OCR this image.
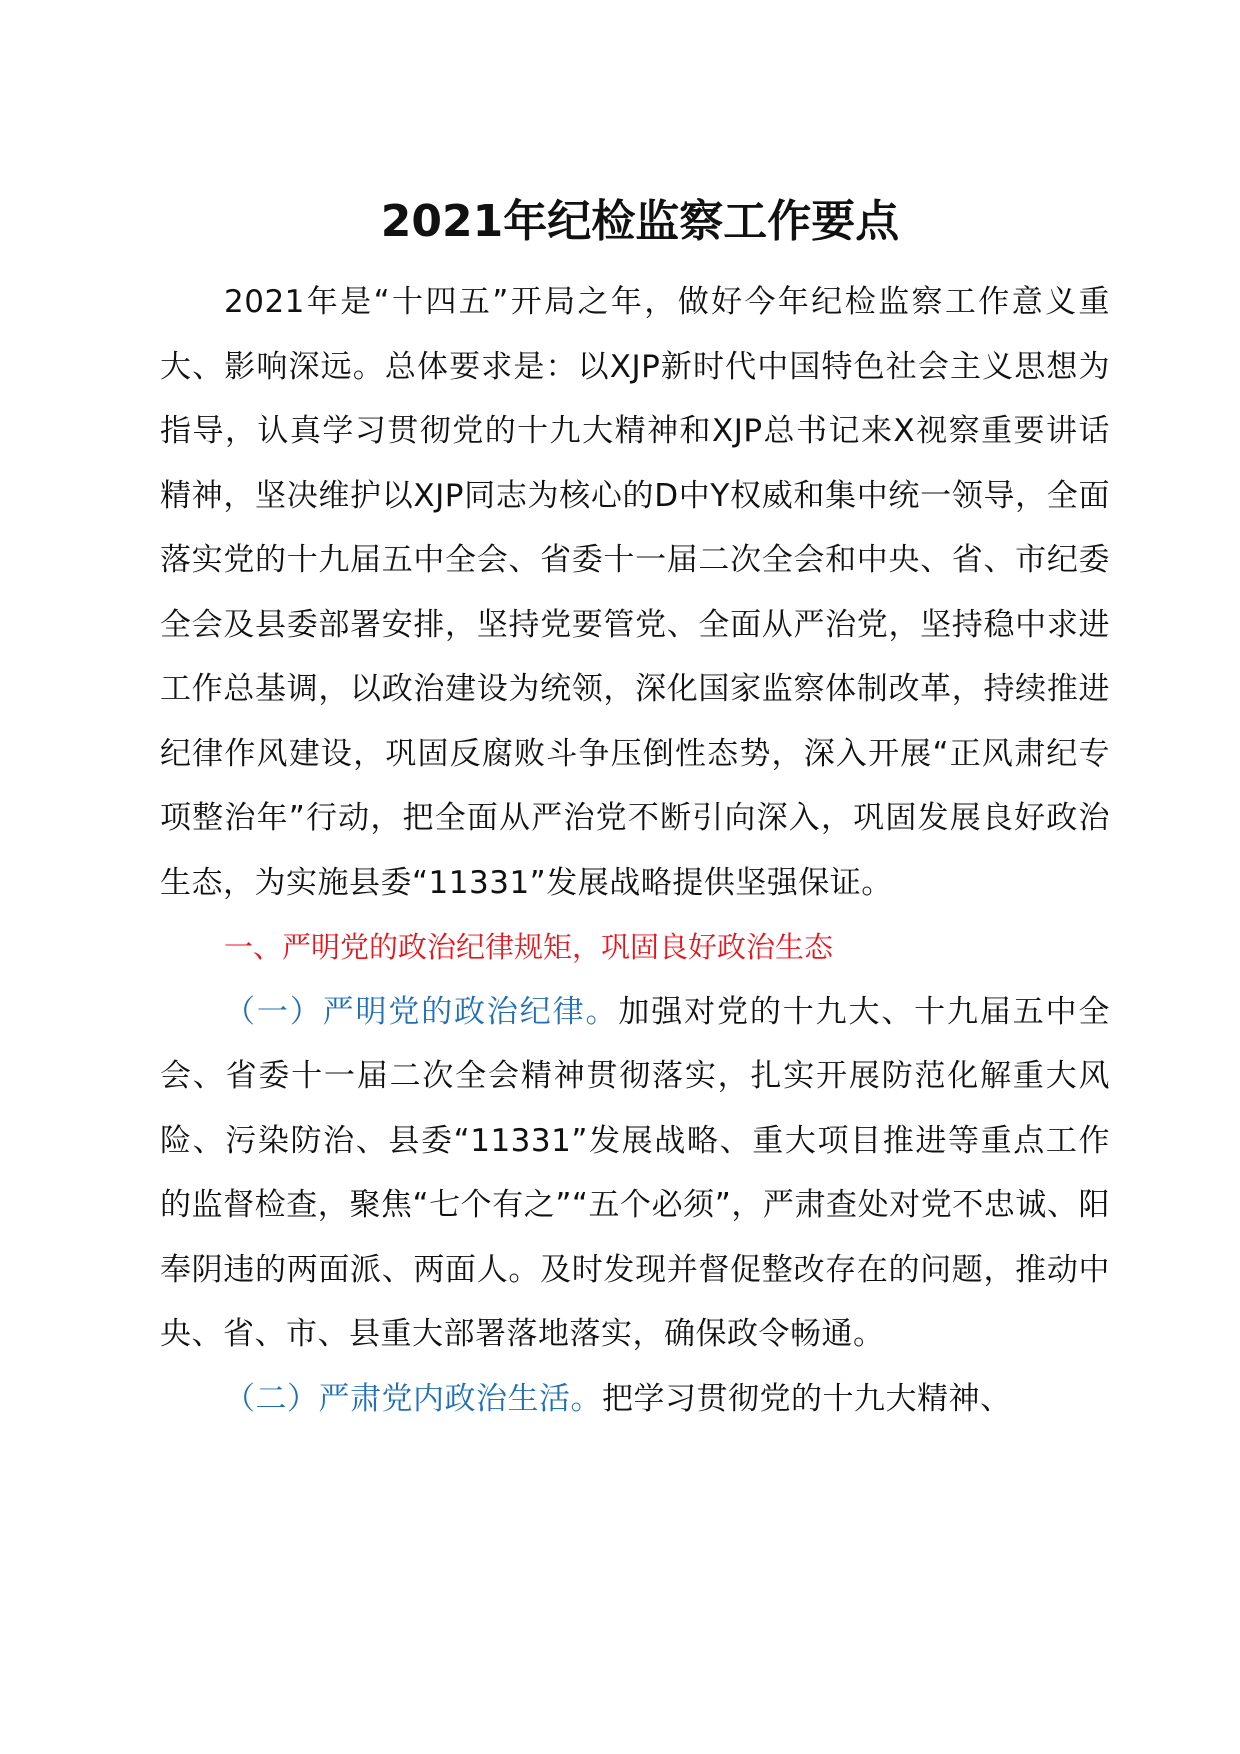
2021年纪检监察工作要点

2021年是“十四五”开局之年，做好今年纪检监察工作意义重大、影响深远。总体要求是：以XJP新时代中国特色社会主义思想为指导，认真学习贯彻党的十九大精神和XJP总书记来X视察重要讲话精神，坚决维护以XJP同志为核心的D中Y权威和集中统一领导，全面落实党的十九届五中全会、省委十一届二次全会和中央、省、市纪委全会及县委部署安排，坚持党要管党、全面从严治党，坚持稳中求进工作总基调，以政治建设为统领，深化国家监察体制改革，持续推进纪律作风建设，巩固反腐败斗争压倒性态势，深入开展“正风肃纪专项整治年”行动，把全面从严治党不断引向深入，巩固发展良好政治生态，为实施县委“11331”发展战略提供坚强保证。

一、严明党的政治纪律规矩，巩固良好政治生态

（一）严明党的政治纪律。加强对党的十九大、十九届五中全会、省委十一届二次全会精神贯彻落实，扎实开展防范化解重大风险、污染防治、县委“11331”发展战略、重大项目推进等重点工作的监督检查，聚焦“七个有之”“五个必须”，严肃查处对党不忠诚、阳奉阴违的两面派、两面人。及时发现并督促整改存在的问题，推动中央、省、市、县重大部署落地落实，确保政令畅通。

（二）严肃党内政治生活。把学习贯彻党的十九大精神、
